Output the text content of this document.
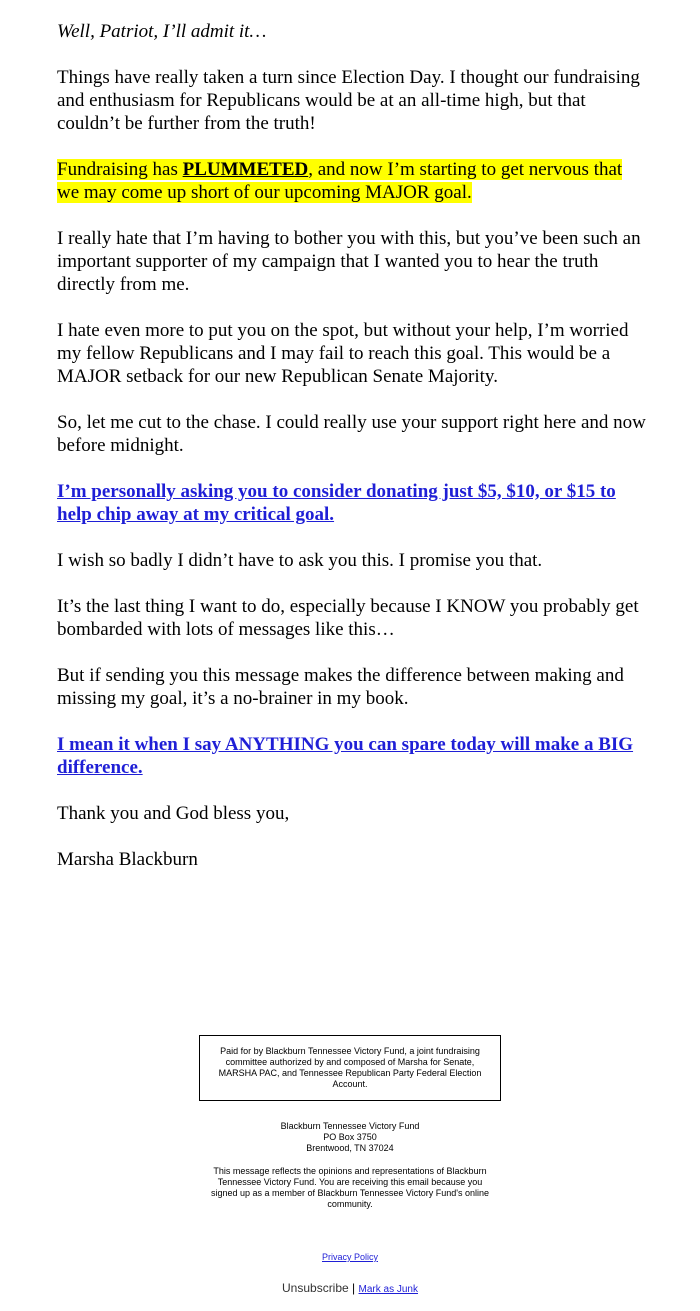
Well, Patriot, I’ll admit it…

Things have really taken a turn since Election Day. I thought our fundraising and enthusiasm for Republicans would be at an all-time high, but that couldn’t be further from the truth!

Fundraising has PLUMMETED, and now I’m starting to get nervous that we may come up short of our upcoming MAJOR goal.

I really hate that I’m having to bother you with this, but you’ve been such an important supporter of my campaign that I wanted you to hear the truth directly from me.

I hate even more to put you on the spot, but without your help, I’m worried my fellow Republicans and I may fail to reach this goal. This would be a MAJOR setback for our new Republican Senate Majority.

So, let me cut to the chase. I could really use your support right here and now before midnight.

I’m personally asking you to consider donating just $5, $10, or $15 to help chip away at my critical goal.

I wish so badly I didn’t have to ask you this. I promise you that.

It’s the last thing I want to do, especially because I KNOW you probably get bombarded with lots of messages like this…

But if sending you this message makes the difference between making and missing my goal, it’s a no-brainer in my book.

I mean it when I say ANYTHING you can spare today will make a BIG difference.

Thank you and God bless you,

Marsha Blackburn

Paid for by Blackburn Tennessee Victory Fund, a joint fundraising committee authorized by and composed of Marsha for Senate, MARSHA PAC, and Tennessee Republican Party Federal Election Account.
Blackburn Tennessee Victory Fund
PO Box 3750
Brentwood, TN 37024
This message reflects the opinions and representations of Blackburn Tennessee Victory Fund. You are receiving this email because you signed up as a member of Blackburn Tennessee Victory Fund's online community.
Privacy Policy
Unsubscribe | Mark as Junk
